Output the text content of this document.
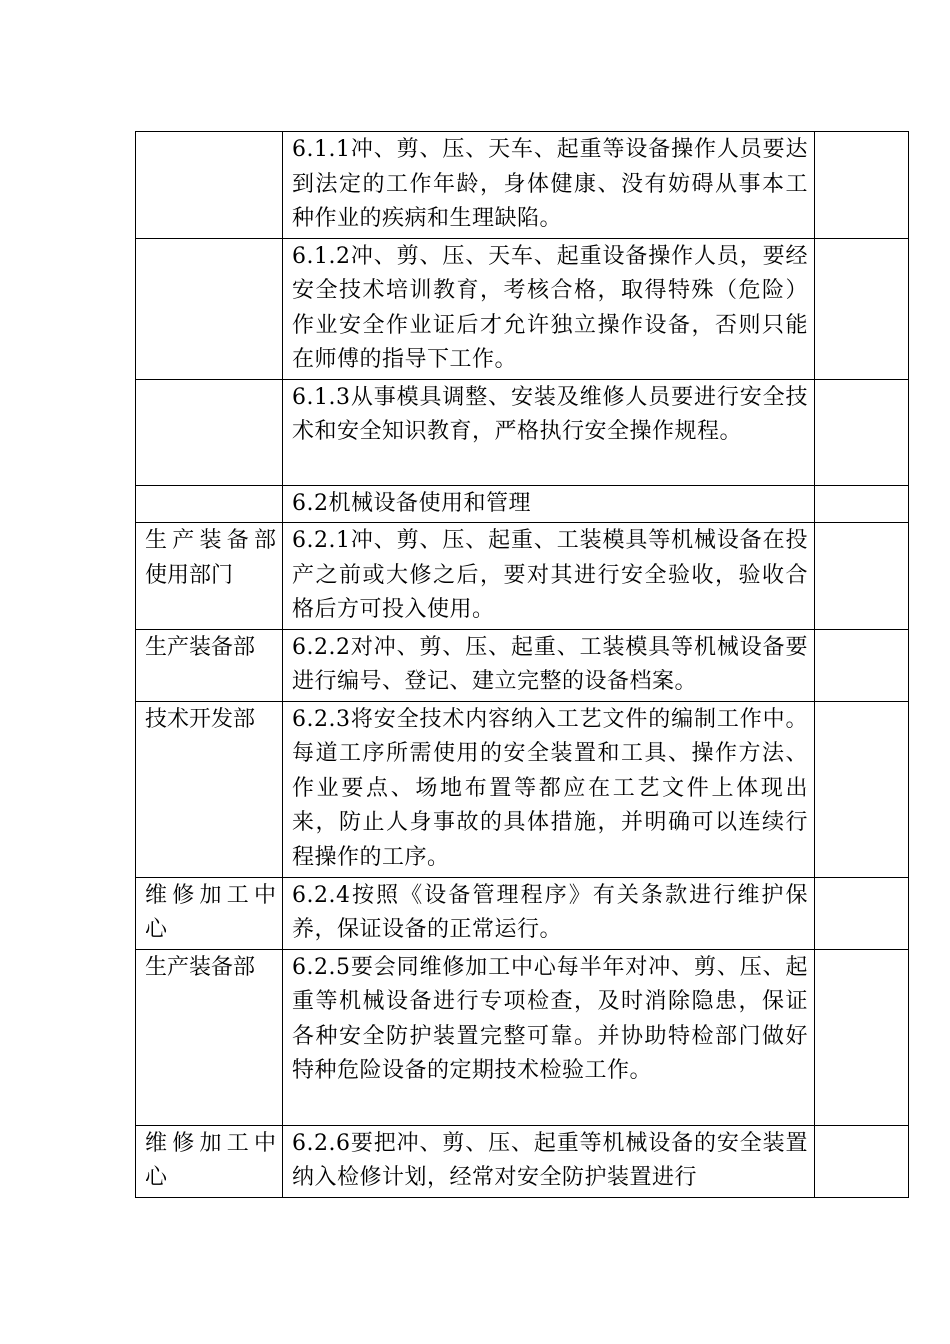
	6.1.1冲、剪、压、天车、起重等设备操作人员要达到法定的工作年龄，身体健康、没有妨碍从事本工种作业的疾病和生理缺陷。	
	6.1.2冲、剪、压、天车、起重设备操作人员，要经安全技术培训教育，考核合格，取得特殊（危险）作业安全作业证后才允许独立操作设备，否则只能在师傅的指导下工作。	
	6.1.3从事模具调整、安装及维修人员要进行安全技术和安全知识教育，严格执行安全操作规程。	
	6.2机械设备使用和管理	
生产装备部使用部门	6.2.1冲、剪、压、起重、工装模具等机械设备在投产之前或大修之后，要对其进行安全验收，验收合格后方可投入使用。	
生产装备部	6.2.2对冲、剪、压、起重、工装模具等机械设备要进行编号、登记、建立完整的设备档案。	
技术开发部	6.2.3将安全技术内容纳入工艺文件的编制工作中。每道工序所需使用的安全装置和工具、操作方法、作业要点、场地布置等都应在工艺文件上体现出来，防止人身事故的具体措施，并明确可以连续行程操作的工序。	
维修加工中心	6.2.4按照《设备管理程序》有关条款进行维护保养，保证设备的正常运行。	
生产装备部	6.2.5要会同维修加工中心每半年对冲、剪、压、起重等机械设备进行专项检查，及时消除隐患，保证各种安全防护装置完整可靠。并协助特检部门做好特种危险设备的定期技术检验工作。	
维修加工中心	6.2.6要把冲、剪、压、起重等机械设备的安全装置纳入检修计划，经常对安全防护装置进行	
